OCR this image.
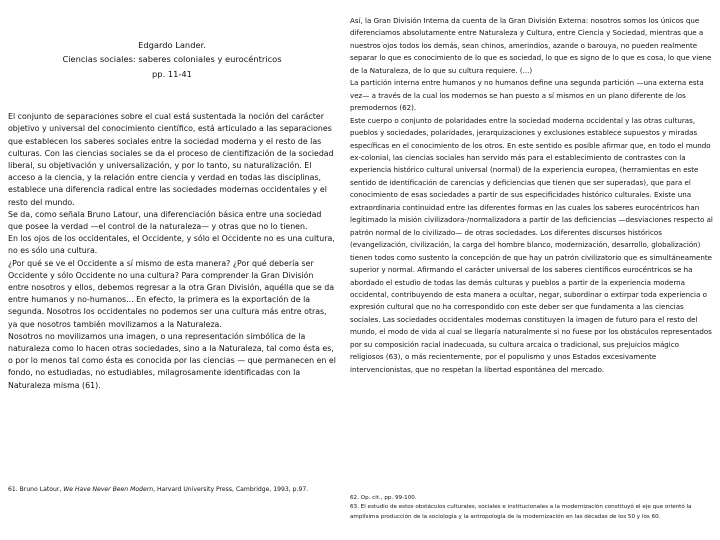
Edgardo Lander.
Ciencias sociales: saberes coloniales y eurocéntricos
pp. 11-41

El conjunto de separaciones sobre el cual está sustentada la noción del carácter objetivo y universal del conocimiento científico, está articulado a las separaciones que establecen los saberes sociales entre la sociedad moderna y el resto de las culturas. Con las ciencias sociales se da el proceso de cientifización de la sociedad liberal, su objetivación y universalización, y por lo tanto, su naturalización. El acceso a la ciencia, y la relación entre ciencia y verdad en todas las disciplinas, establece una diferencia radical entre las sociedades modernas occidentales y el resto del mundo.

Se da, como señala Bruno Latour, una diferenciación básica entre una sociedad que posee la verdad —el control de la naturaleza— y otras que no lo tienen.

En los ojos de los occidentales, el Occidente, y sólo el Occidente no es una cultura, no es sólo una cultura.

¿Por qué se ve el Occidente a sí mismo de esta manera? ¿Por qué debería ser Occidente y sólo Occidente no una cultura? Para comprender la Gran División entre nosotros y ellos, debemos regresar a la otra Gran División, aquélla que se da entre humanos y no-humanos... En efecto, la primera es la exportación de la segunda. Nosotros los occidentales no podemos ser una cultura más entre otras, ya que nosotros también movilizamos a la Naturaleza.

Nosotros no movilizamos una imagen, o una representación simbólica de la naturaleza como lo hacen otras sociedades, sino a la Naturaleza, tal como ésta es, o por lo menos tal como ésta es conocida por las ciencias — que permanecen en el fondo, no estudiadas, no estudiables, milagrosamente identificadas con la Naturaleza misma (61).

61. Bruno Latour, We Have Never Been Modern, Harvard University Press, Cambridge, 1993, p.97.

Así, la Gran División Interna da cuenta de la Gran División Externa: nosotros somos los únicos que diferenciamos absolutamente entre Naturaleza y Cultura, entre Ciencia y Sociedad, mientras que a nuestros ojos todos los demás, sean chinos, amerindios, azande o barouya, no pueden realmente separar lo que es conocimiento de lo que es sociedad, lo que es signo de lo que es cosa, lo que viene de la Naturaleza, de lo que su cultura requiere. (...)

La partición interna entre humanos y no humanos define una segunda partición —una externa esta vez— a través de la cual los modernos se han puesto a sí mismos en un plano diferente de los premodernos (62).

Este cuerpo o conjunto de polaridades entre la sociedad moderna occidental y las otras culturas, pueblos y sociedades, polaridades, jerarquizaciones y exclusiones establece supuestos y miradas específicas en el conocimiento de los otros. En este sentido es posible afirmar que, en todo el mundo ex-colonial, las ciencias sociales han servido más para el establecimiento de contrastes con la experiencia histórico cultural universal (normal) de la experiencia europea, (herramientas en este sentido de identificación de carencias y deficiencias que tienen que ser superadas), que para el conocimiento de esas sociedades a partir de sus especificidades histórico culturales. Existe una extraordinaria continuidad entre las diferentes formas en las cuales los saberes eurocéntricos han legitimado la misión civilizadora-/normalizadora a partir de las deficiencias —desviaciones respecto al patrón normal de lo civilizado— de otras sociedades. Los diferentes discursos históricos (evangelización, civilización, la carga del hombre blanco, modernización, desarrollo, globalización) tienen todos como sustento la concepción de que hay un patrón civilizatorio que es simultáneamente superior y normal. Afirmando el carácter universal de los saberes científicos eurocéntricos se ha abordado el estudio de todas las demás culturas y pueblos a partir de la experiencia moderna occidental, contribuyendo de esta manera a ocultar, negar, subordinar o extirpar toda experiencia o expresión cultural que no ha correspondido con este deber ser que fundamenta a las ciencias sociales. Las sociedades occidentales modernas constituyen la imagen de futuro para el resto del mundo, el modo de vida al cual se llegaría naturalmente si no fuese por los obstáculos representados por su composición racial inadecuada, su cultura arcaica o tradicional, sus prejuicios mágico religiosos (63), o más recientemente, por el populismo y unos Estados excesivamente intervencionistas, que no respetan la libertad espontánea del mercado.

62. Op. cit., pp. 99-100.

63. El estudio de estos obstáculos culturales, sociales e institucionales a la modernización constituyó el eje que orientó la amplísima producción de la sociología y la antropología de la modernización en las décadas de los 50 y los 60.
